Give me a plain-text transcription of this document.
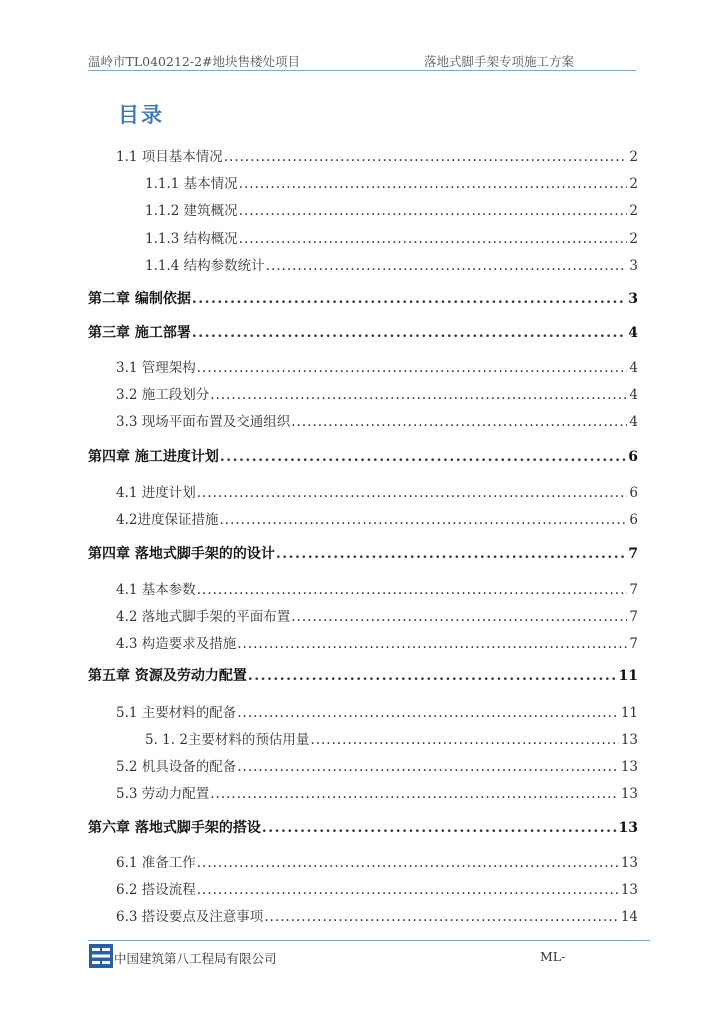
温岭市TL040212-2#地块售楼处项目	落地式脚手架专项施工方案
目录
1.1 项目基本情况 .....	2
1.1.1 基本情况 .....	2
1.1.2 建筑概况 .....	2
1.1.3 结构概况 .....	2
1.1.4 结构参数统计 .....	3
第二章 编制依据 .....	3
第三章 施工部署 .....	4
3.1 管理架构 .....	4
3.2 施工段划分 .....	4
3.3 现场平面布置及交通组织 .....	4
第四章 施工进度计划 .....	6
4.1 进度计划 .....	6
4.2进度保证措施 .....	6
第四章 落地式脚手架的的设计 .....	7
4.1 基本参数 .....	7
4.2 落地式脚手架的平面布置 .....	7
4.3 构造要求及措施 .....	7
第五章 资源及劳动力配置 .....	11
5.1 主要材料的配备 .....	11
5. 1. 2主要材料的预估用量 .....	13
5.2 机具设备的配备 .....	13
5.3 劳动力配置 .....	13
第六章 落地式脚手架的搭设 .....	13
6.1 准备工作 .....	13
6.2 搭设流程 .....	13
6.3 搭设要点及注意事项 .....	14
中国建筑第八工程局有限公司	ML-
